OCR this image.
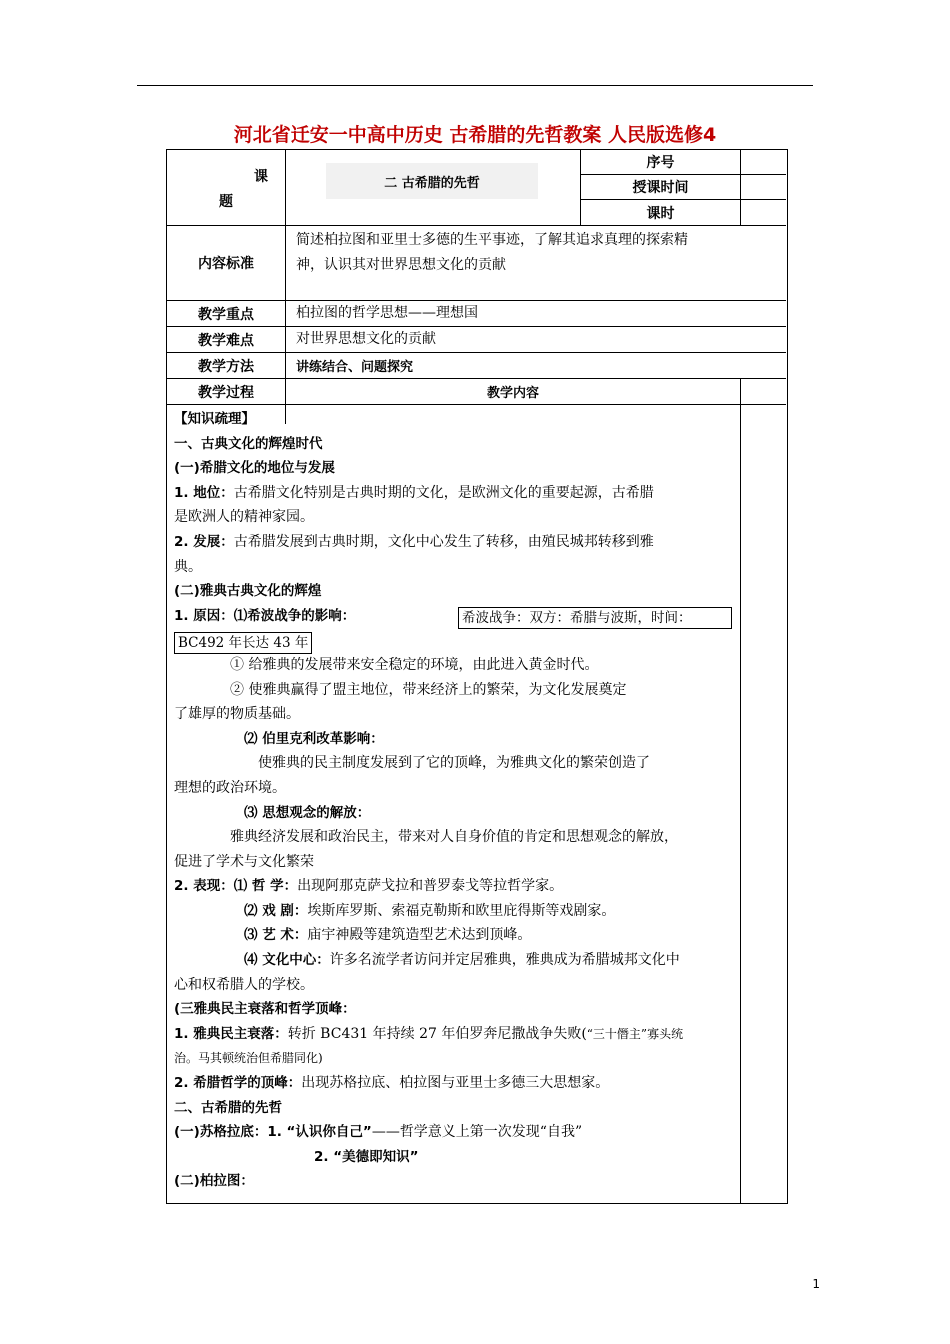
河北省迁安一中高中历史 古希腊的先哲教案 人民版选修4
课
题
二 古希腊的先哲
序号
授课时间
课时
内容标准
教学重点
教学难点
教学方法
教学过程
简述柏拉图和亚里士多德的生平事迹，了解其追求真理的探索精
神，认识其对世界思想文化的贡献
柏拉图的哲学思想——理想国
对世界思想文化的贡献
讲练结合、问题探究
教学内容
【知识疏理】
一、古典文化的辉煌时代
(一)希腊文化的地位与发展
1. 地位：古希腊文化特别是古典时期的文化，是欧洲文化的重要起源，古希腊
是欧洲人的精神家园。
2. 发展：古希腊发展到古典时期，文化中心发生了转移，由殖民城邦转移到雅
典。
(二)雅典古典文化的辉煌
1. 原因：⑴希波战争的影响：
① 给雅典的发展带来安全稳定的环境，由此进入黄金时代。
② 使雅典赢得了盟主地位，带来经济上的繁荣，为文化发展奠定
了雄厚的物质基础。
⑵ 伯里克利改革影响：
使雅典的民主制度发展到了它的顶峰，为雅典文化的繁荣创造了
理想的政治环境。
⑶ 思想观念的解放：
雅典经济发展和政治民主，带来对人自身价值的肯定和思想观念的解放，
促进了学术与文化繁荣
2. 表现：⑴ 哲 学：出现阿那克萨戈拉和普罗泰戈等拉哲学家。
⑵ 戏 剧：埃斯库罗斯、索福克勒斯和欧里庇得斯等戏剧家。
⑶ 艺 术：庙宇神殿等建筑造型艺术达到顶峰。
⑷ 文化中心：许多名流学者访问并定居雅典，雅典成为希腊城邦文化中
心和权希腊人的学校。
(三雅典民主衰落和哲学顶峰：
1. 雅典民主衰落：转折 BC431 年持续 27 年伯罗奔尼撒战争失败(“三十僭主”寡头统
治。马其顿统治但希腊同化)
2. 希腊哲学的顶峰：出现苏格拉底、柏拉图与亚里士多德三大思想家。
二、古希腊的先哲
(一)苏格拉底：1. “认识你自己”——哲学意义上第一次发现“自我”
2. “美德即知识”
(二)柏拉图：
希波战争：双方：希腊与波斯，时间：
BC492 年长达 43 年
1
